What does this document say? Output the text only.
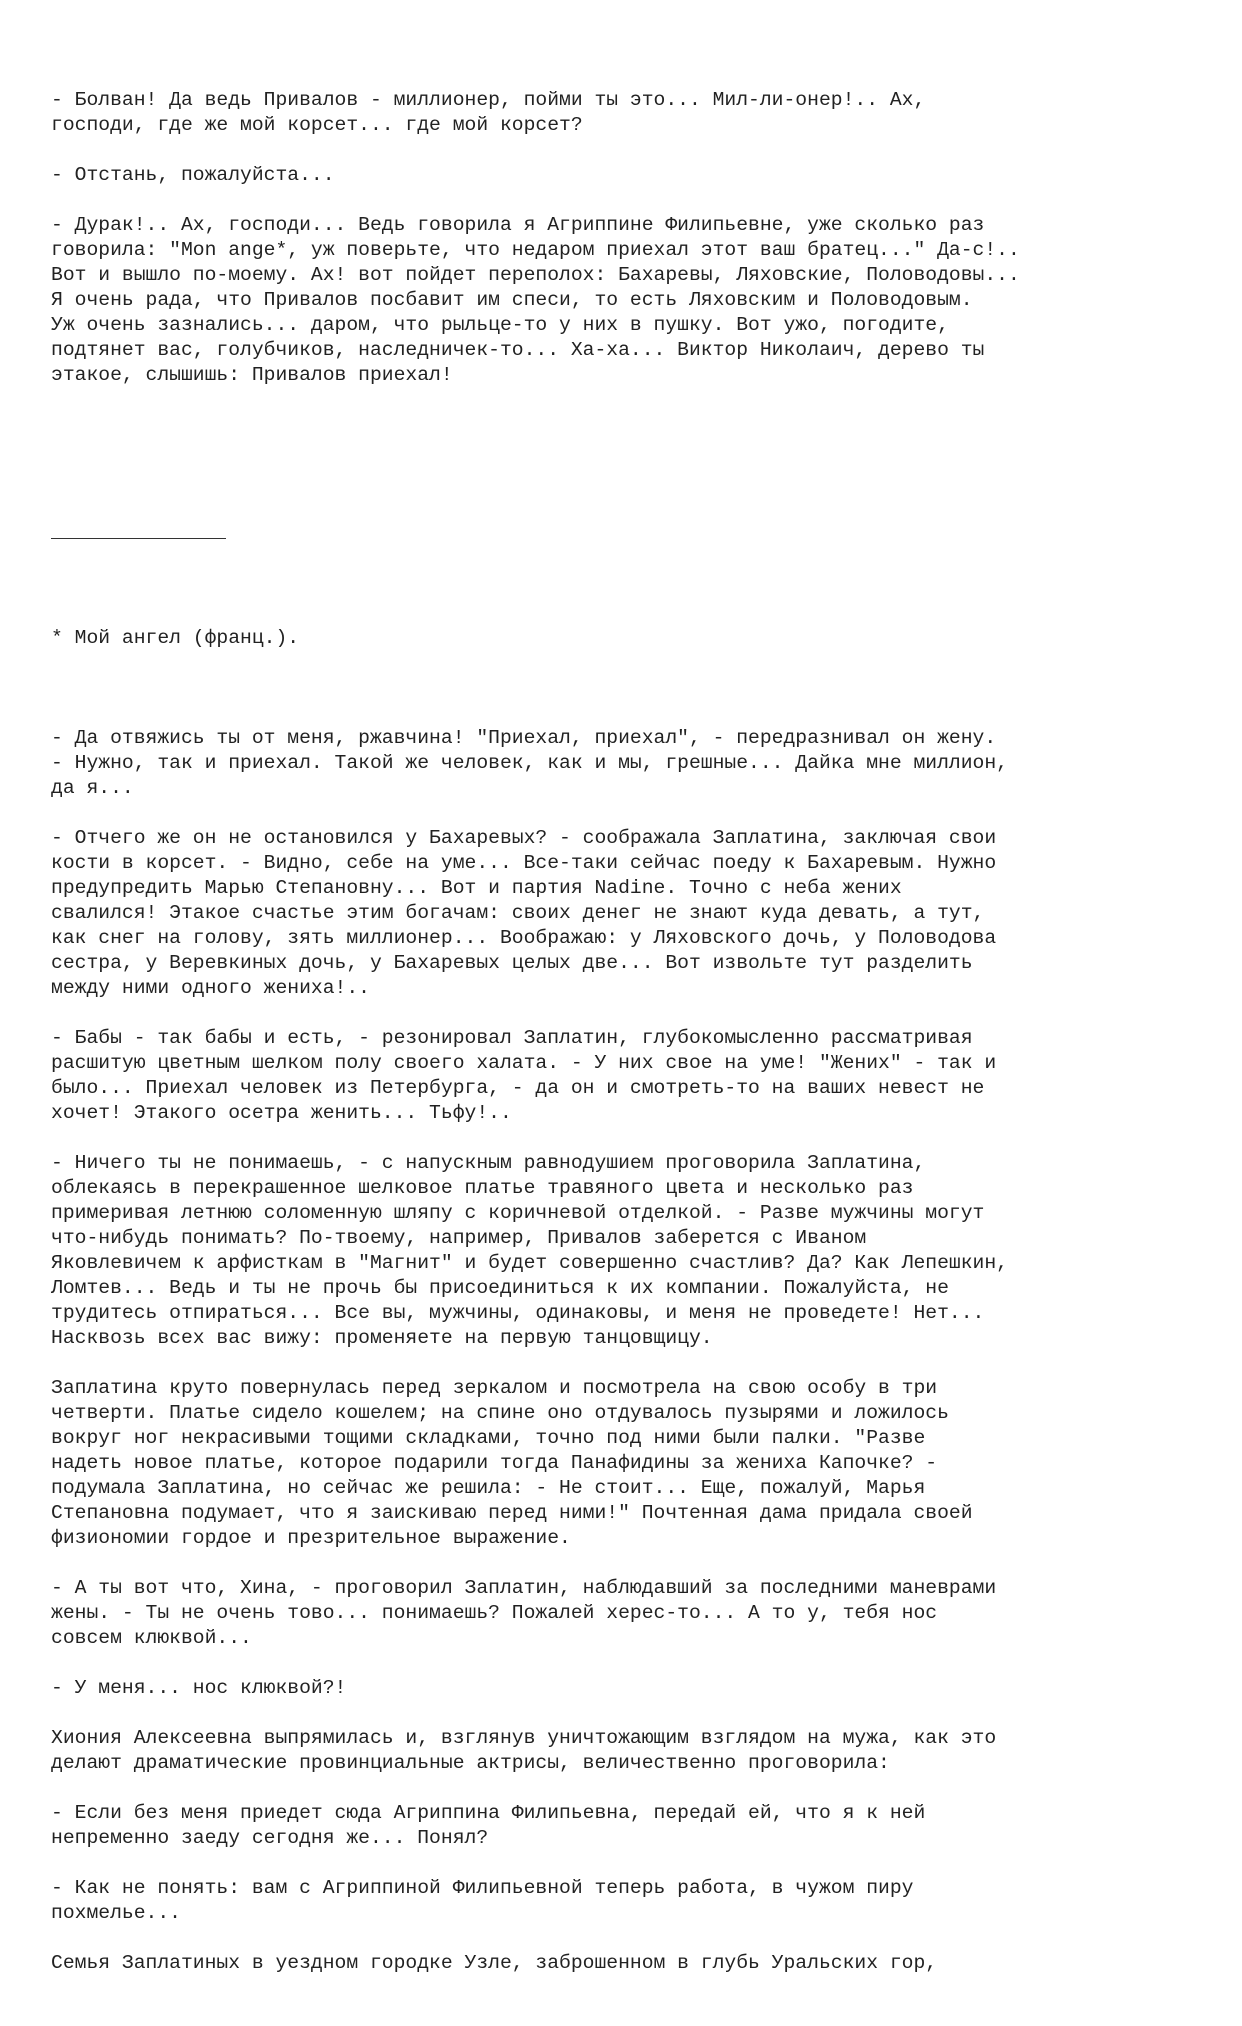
- Болван! Да ведь Привалов - миллионер, пойми ты это... Мил-ли-онер!.. Ах,
господи, где же мой корсет... где мой корсет?
- Отстань, пожалуйста...
- Дурак!.. Ах, господи... Ведь говорила я Агриппине Филипьевне, уже сколько раз
говорила: "Mon ange*, уж поверьте, что недаром приехал этот ваш братец..." Да-с!..
Вот и вышло по-моему. Ах! вот пойдет переполох: Бахаревы, Ляховские, Половодовы...
Я очень рада, что Привалов посбавит им спеси, то есть Ляховским и Половодовым.
Уж очень зазнались... даром, что рыльце-то у них в пушку. Вот ужо, погодите,
подтянет вас, голубчиков, наследничек-то... Ха-ха... Виктор Николаич, дерево ты
этакое, слышишь: Привалов приехал!

* Мой ангел (франц.).

- Да отвяжись ты от меня, ржавчина! "Приехал, приехал", - передразнивал он жену.
- Нужно, так и приехал. Такой же человек, как и мы, грешные... Дайка мне миллион,
да я...
- Отчего же он не остановился у Бахаревых? - соображала Заплатина, заключая свои
кости в корсет. - Видно, себе на уме... Все-таки сейчас поеду к Бахаревым. Нужно
предупредить Марью Степановну... Вот и партия Nadine. Точно с неба жених
свалился! Этакое счастье этим богачам: своих денег не знают куда девать, а тут,
как снег на голову, зять миллионер... Воображаю: у Ляховского дочь, у Половодова
сестра, у Веревкиных дочь, у Бахаревых целых две... Вот извольте тут разделить
между ними одного жениха!..
- Бабы - так бабы и есть, - резонировал Заплатин, глубокомысленно рассматривая
расшитую цветным шелком полу своего халата. - У них свое на уме! "Жених" - так и
было... Приехал человек из Петербурга, - да он и смотреть-то на ваших невест не
хочет! Этакого осетра женить... Тьфу!..
- Ничего ты не понимаешь, - с напускным равнодушием проговорила Заплатина,
облекаясь в перекрашенное шелковое платье травяного цвета и несколько раз
примеривая летнюю соломенную шляпу с коричневой отделкой. - Разве мужчины могут
что-нибудь понимать? По-твоему, например, Привалов заберется с Иваном
Яковлевичем к арфисткам в "Магнит" и будет совершенно счастлив? Да? Как Лепешкин,
Ломтев... Ведь и ты не прочь бы присоединиться к их компании. Пожалуйста, не
трудитесь отпираться... Все вы, мужчины, одинаковы, и меня не проведете! Нет...
Насквозь всех вас вижу: променяете на первую танцовщицу.
Заплатина круто повернулась перед зеркалом и посмотрела на свою особу в три
четверти. Платье сидело кошелем; на спине оно отдувалось пузырями и ложилось
вокруг ног некрасивыми тощими складками, точно под ними были палки. "Разве
надеть новое платье, которое подарили тогда Панафидины за жениха Капочке? -
подумала Заплатина, но сейчас же решила: - Не стоит... Еще, пожалуй, Марья
Степановна подумает, что я заискиваю перед ними!" Почтенная дама придала своей
физиономии гордое и презрительное выражение.
- А ты вот что, Хина, - проговорил Заплатин, наблюдавший за последними маневрами
жены. - Ты не очень тово... понимаешь? Пожалей херес-то... А то у, тебя нос
совсем клюквой...
- У меня... нос клюквой?!
Хиония Алексеевна выпрямилась и, взглянув уничтожающим взглядом на мужа, как это
делают драматические провинциальные актрисы, величественно проговорила:
- Если без меня приедет сюда Агриппина Филипьевна, передай ей, что я к ней
непременно заеду сегодня же... Понял?
- Как не понять: вам с Агриппиной Филипьевной теперь работа, в чужом пиру
похмелье...
Семья Заплатиных в уездном городке Узле, заброшенном в глубь Уральских гор,
